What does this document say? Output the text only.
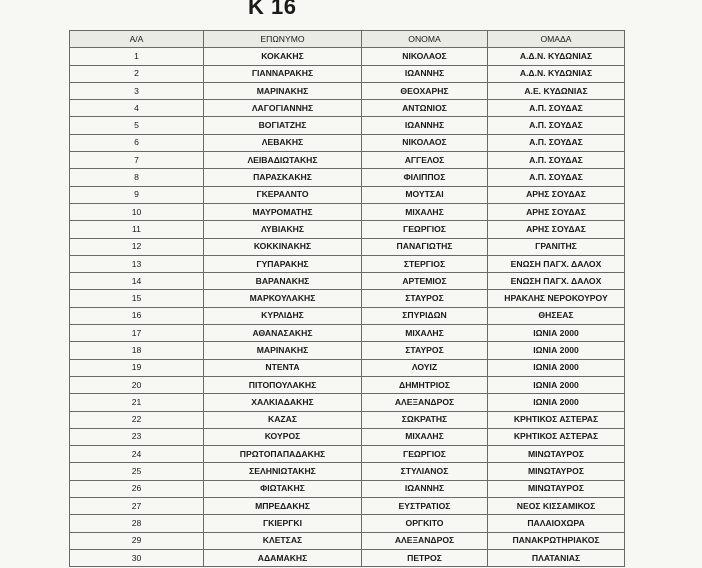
K 16
A/A	ΕΠΩΝΥΜΟ	ΟΝΟΜΑ	ΟΜΑΔΑ
1	ΚΟΚΑΚΗΣ	ΝΙΚΟΛΑΟΣ	Α.Δ.Ν. ΚΥΔΩΝΙΑΣ
2	ΓΙΑΝΝΑΡΑΚΗΣ	ΙΩΑΝΝΗΣ	Α.Δ.Ν. ΚΥΔΩΝΙΑΣ
3	ΜΑΡΙΝΑΚΗΣ	ΘΕΟΧΑΡΗΣ	Α.Ε. ΚΥΔΩΝΙΑΣ
4	ΛΑΓΟΓΙΑΝΝΗΣ	ΑΝΤΩΝΙΟΣ	Α.Π. ΣΟΥΔΑΣ
5	ΒΟΓΙΑΤΖΗΣ	ΙΩΑΝΝΗΣ	Α.Π. ΣΟΥΔΑΣ
6	ΛΕΒΑΚΗΣ	ΝΙΚΟΛΑΟΣ	Α.Π. ΣΟΥΔΑΣ
7	ΛΕΙΒΑΔΙΩΤΑΚΗΣ	ΑΓΓΕΛΟΣ	Α.Π. ΣΟΥΔΑΣ
8	ΠΑΡΑΣΚΑΚΗΣ	ΦΙΛΙΠΠΟΣ	Α.Π. ΣΟΥΔΑΣ
9	ΓΚΕΡΑΛΝΤΟ	ΜΟΥΤΣΑΙ	ΑΡΗΣ ΣΟΥΔΑΣ
10	ΜΑΥΡΟΜΑΤΗΣ	ΜΙΧΑΛΗΣ	ΑΡΗΣ ΣΟΥΔΑΣ
11	ΛΥΒΙΑΚΗΣ	ΓΕΩΡΓΙΟΣ	ΑΡΗΣ ΣΟΥΔΑΣ
12	ΚΟΚΚΙΝΑΚΗΣ	ΠΑΝΑΓΙΩΤΗΣ	ΓΡΑΝΙΤΗΣ
13	ΓΥΠΑΡΑΚΗΣ	ΣΤΕΡΓΙΟΣ	ΕΝΩΣΗ ΠΑΓΧ. ΔΑΛΟΧ
14	ΒΑΡΑΝΑΚΗΣ	ΑΡΤΕΜΙΟΣ	ΕΝΩΣΗ ΠΑΓΧ. ΔΑΛΟΧ
15	ΜΑΡΚΟΥΛΑΚΗΣ	ΣΤΑΥΡΟΣ	ΗΡΑΚΛΗΣ ΝΕΡΟΚΟΥΡΟΥ
16	ΚΥΡΛΙΔΗΣ	ΣΠΥΡΙΔΩΝ	ΘΗΣΕΑΣ
17	ΑΘΑΝΑΣΑΚΗΣ	ΜΙΧΑΛΗΣ	ΙΩΝΙΑ 2000
18	ΜΑΡΙΝΑΚΗΣ	ΣΤΑΥΡΟΣ	ΙΩΝΙΑ 2000
19	ΝΤΕΝΤΑ	ΛΟΥΙΖ	ΙΩΝΙΑ 2000
20	ΠΙΤΟΠΟΥΛΑΚΗΣ	ΔΗΜΗΤΡΙΟΣ	ΙΩΝΙΑ 2000
21	ΧΑΛΚΙΑΔΑΚΗΣ	ΑΛΕΞΑΝΔΡΟΣ	ΙΩΝΙΑ 2000
22	ΚΑΖΑΣ	ΣΩΚΡΑΤΗΣ	ΚΡΗΤΙΚΟΣ ΑΣΤΕΡΑΣ
23	ΚΟΥΡΟΣ	ΜΙΧΑΛΗΣ	ΚΡΗΤΙΚΟΣ ΑΣΤΕΡΑΣ
24	ΠΡΩΤΟΠΑΠΑΔΑΚΗΣ	ΓΕΩΡΓΙΟΣ	ΜΙΝΩΤΑΥΡΟΣ
25	ΣΕΛΗΝΙΩΤΑΚΗΣ	ΣΤΥΛΙΑΝΟΣ	ΜΙΝΩΤΑΥΡΟΣ
26	ΦΙΩΤΑΚΗΣ	ΙΩΑΝΝΗΣ	ΜΙΝΩΤΑΥΡΟΣ
27	ΜΠΡΕΔΑΚΗΣ	ΕΥΣΤΡΑΤΙΟΣ	ΝΕΟΣ ΚΙΣΣΑΜΙΚΟΣ
28	ΓΚΙΕΡΓΚΙ	ΟΡΓΚΙΤΟ	ΠΑΛΑΙΟΧΩΡΑ
29	ΚΛΕΤΣΑΣ	ΑΛΕΞΑΝΔΡΟΣ	ΠΑΝΑΚΡΩΤΗΡΙΑΚΟΣ
30	ΑΔΑΜΑΚΗΣ	ΠΕΤΡΟΣ	ΠΛΑΤΑΝΙΑΣ
